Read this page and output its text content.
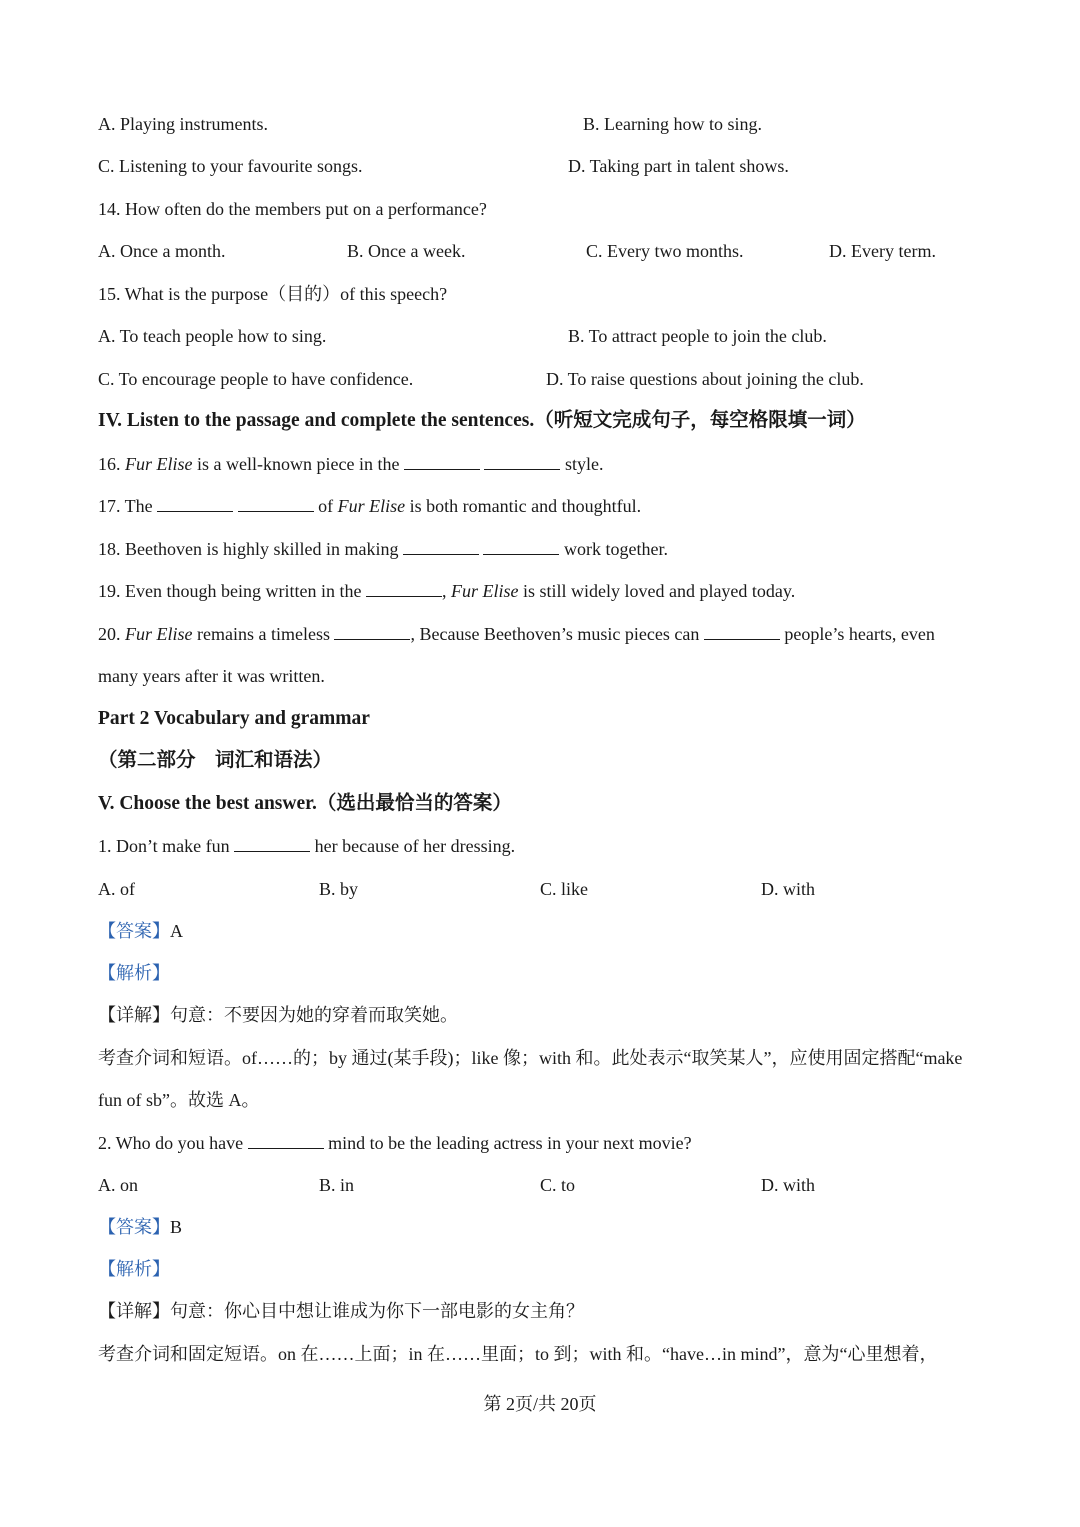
A. Playing instruments.	B. Learning how to sing.
C. Listening to your favourite songs.	D. Taking part in talent shows.
14. How often do the members put on a performance?
A. Once a month.	B. Once a week.	C. Every two months.	D. Every term.
15. What is the purpose（目的）of this speech?
A. To teach people how to sing.	B. To attract people to join the club.
C. To encourage people to have confidence.	D. To raise questions about joining the club.
IV. Listen to the passage and complete the sentences.（听短文完成句子，每空格限填一词）
16. Fur Elise is a well-known piece in the	style.
17. The	of Fur Elise is both romantic and thoughtful.
18. Beethoven is highly skilled in making	work together.
19. Even though being written in the	, Fur Elise is still widely loved and played today.
20. Fur Elise remains a timeless	, Because Beethoven’s music pieces can	people’s hearts, even
many years after it was written.
Part 2 Vocabulary and grammar
（第二部分　词汇和语法）
V. Choose the best answer.（选出最恰当的答案）
1. Don’t make fun	her because of her dressing.
A. of	B. by	C. like	D. with
【答案】A
【解析】
【详解】句意：不要因为她的穿着而取笑她。
考查介词和短语。of……的；by 通过(某手段)；like 像；with 和。此处表示“取笑某人”，应使用固定搭配“make
fun of sb”。故选 A。
2. Who do you have	mind to be the leading actress in your next movie?
A. on	B. in	C. to	D. with
【答案】B
【解析】
【详解】句意：你心目中想让谁成为你下一部电影的女主角？
考查介词和固定短语。on 在……上面；in 在……里面；to 到；with 和。“have…in mind”，意为“心里想着，
第 2页/共 20页
